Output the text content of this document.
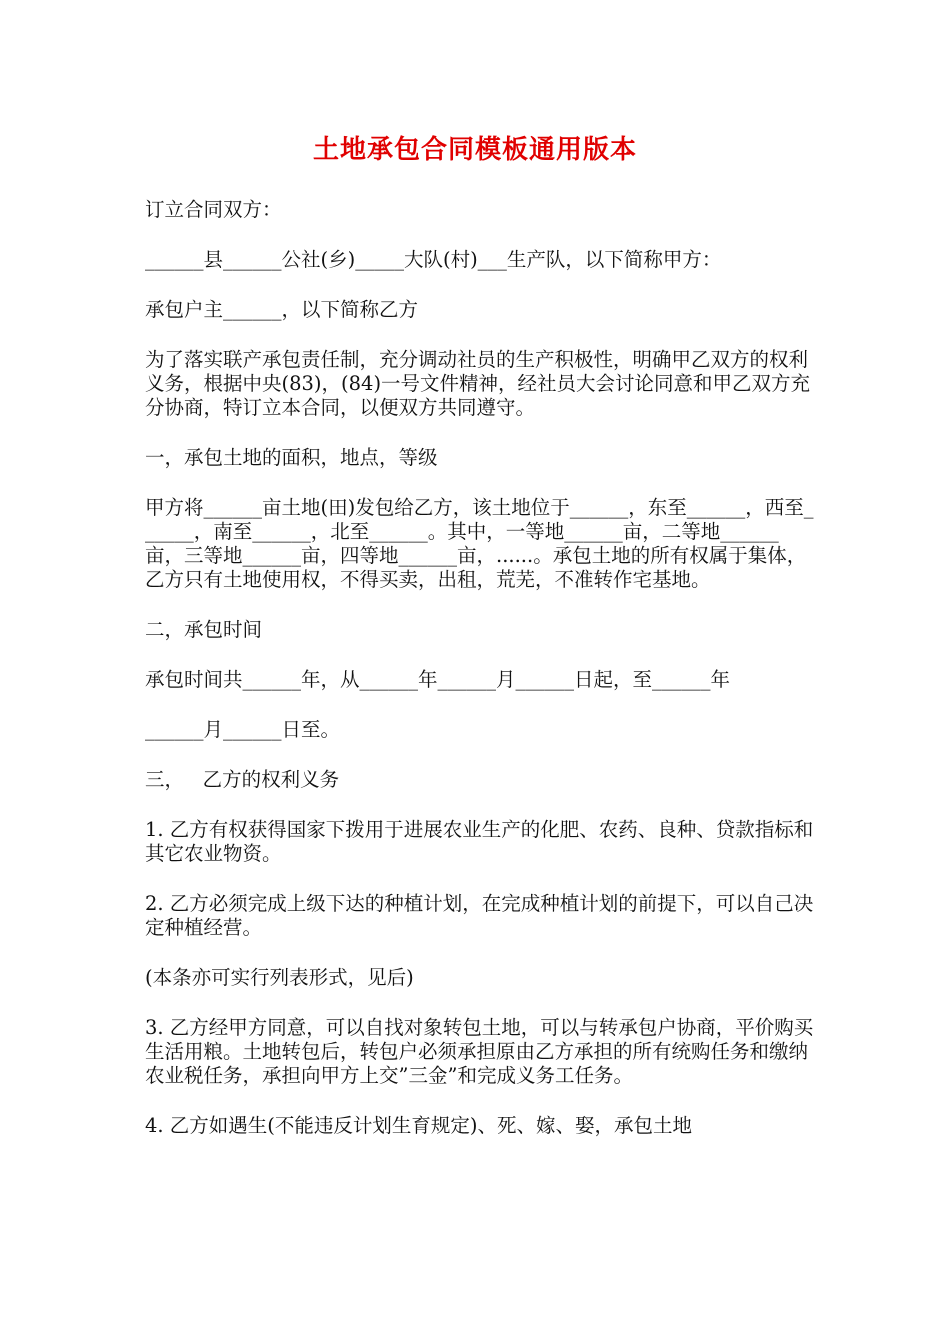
土地承包合同模板通用版本

订立合同双方：

______县______公社(乡)_____大队(村)___生产队，以下简称甲方：

承包户主______，以下简称乙方

为了落实联产承包责任制，充分调动社员的生产积极性，明确甲乙双方的权利义务，根据中央(83)，(84)一号文件精神，经社员大会讨论同意和甲乙双方充分协商，特订立本合同，以便双方共同遵守。

一，承包土地的面积，地点，等级

甲方将______亩土地(田)发包给乙方，该土地位于______，东至______，西至______，南至______，北至______。其中，一等地______亩，二等地______亩，三等地______亩，四等地______亩，......。承包土地的所有权属于集体，乙方只有土地使用权，不得买卖，出租，荒芜，不准转作宅基地。

二，承包时间

承包时间共______年，从______年______月______日起，至______年

______月______日至。

三，   乙方的权利义务

1. 乙方有权获得国家下拨用于进展农业生产的化肥、农药、良种、贷款指标和其它农业物资。

2. 乙方必须完成上级下达的种植计划，在完成种植计划的前提下，可以自己决定种植经营。

(本条亦可实行列表形式，见后)

3. 乙方经甲方同意，可以自找对象转包土地，可以与转承包户协商，平价购买生活用粮。土地转包后，转包户必须承担原由乙方承担的所有统购任务和缴纳农业税任务，承担向甲方上交”三金”和完成义务工任务。

4. 乙方如遇生(不能违反计划生育规定)、死、嫁、娶，承包土地
